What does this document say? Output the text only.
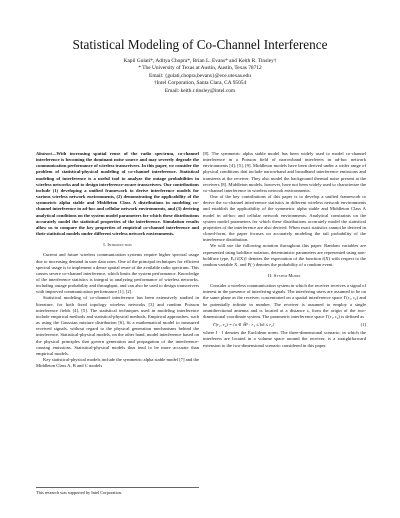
Statistical Modeling of Co-Channel Interference
Kapil Gulati*, Aditya Chopra*, Brian L. Evans* and Keith R. Tinsley†
* The University of Texas at Austin, Austin, Texas 78712
Email: {gulati,chopra,bevans}@ece.utexas.edu
†Intel Corporation, Santa Clara, CA 95054
Email: keith.r.tinsley@intel.com

Abstract—With increasing spatial reuse of the radio spectrum, co-channel interference is becoming the dominant noise source and may severely degrade the communication performance of wireless transceivers. In this paper, we consider the problem of statistical-physical modeling of co-channel interference. Statistical modeling of interference is a useful tool to analyze the outage probabilities in wireless networks and to design interference-aware transceivers. Our contributions include (1) developing a unified framework to derive interference models for various wireless network environments, (2) demonstrating the applicability of the symmetric alpha stable and Middleton Class A distributions in modeling co-channel interference in ad-hoc and cellular network environments, and (3) deriving analytical conditions on the system model parameters for which these distributions accurately model the statistical properties of the interference. Simulation results allow us to compare the key properties of empirical co-channel interference and their statistical models under different wireless network environments.

I. Introduction

Current and future wireless communication systems require higher spectral usage due to increasing demand in user data rates. One of the principal techniques for efficient spectral usage is to implement a dense spatial reuse of the available radio spectrum. This causes severe co-channel interference, which limits the system performance. Knowledge of the interference statistics is integral to analyzing performance of wireless networks, including outage probability and throughput, and can also be used to design transceivers with improved communication performance [1], [2].

Statistical modeling of co-channel interference has been extensively studied in literature, for both fixed topology wireless networks [3] and random Poisson interference fields [4], [5]. The statistical techniques used in modeling interference include empirical methods and statistical-physical methods. Empirical approaches, such as using the Gaussian mixture distribution [6], fit a mathematical model to measured received signals, without regard to the physical generation mechanisms behind the interference. Statistical-physical models, on the other hand, model interference based on the physical principles that govern generation and propagation of the interference-causing emissions. Statistical-physical models thus tend to be more accurate than empirical models.

Key statistical-physical models include the symmetric alpha stable model [7] and the Middleton Class A, B and C models

This research was supported by Intel Corporation.

[8]. The symmetric alpha stable model has been widely used to model co-channel interference in a Poisson field of narrowband interferers in ad-hoc network environments [4], [5], [9]. Middleton models have been derived under a wider range of physical conditions that include narrowband and broadband interference emissions and transients at the receiver. They also model the background thermal noise present at the receivers [8]. Middleton models, however, have not been widely used to characterize the co-channel interference in wireless network environments.

One of the key contributions of this paper is to develop a unified framework to derive the co-channel interference statistics in different wireless network environments and establish the applicability of the symmetric alpha stable and Middleton Class A model in ad-hoc and cellular network environments. Analytical constraints on the system model parameters for which these distributions accurately model the statistical properties of the interference are also derived. When exact statistics cannot be derived in closed-form, the paper focuses on accurately modeling the tail probability of the interference distribution.

We will use the following notation throughout this paper. Random variables are represented using boldface notation, deterministic parameters are represented using non-boldface type, Eₓ{f(X)} denotes the expectation of the function f(X) with respect to the random variable X, and P(·) denotes the probability of a random event.

II. System Model

Consider a wireless communication system in which the receiver receives a signal of interest in the presence of interfering signals. The interfering users are assumed to be on the same plane as the receiver, concentrated on a spatial interference space Γ(r₁, r₂) and be potentially infinite in number. The receiver is assumed to employ a single omnidirectional antenna and is located at a distance rₒ from the origin of the two-dimensional coordinate system. The parametric interference space Γ(r₁, r₂) is defined as

Γ(r₁, r₂) = {x ∈ ℝ² : r₁ ≤ ‖x‖ ≤ r₂}	(1)

where ‖ · ‖ denotes the Euclidean norm. The three-dimensional scenario, in which the interferers are located in a volume space around the receiver, is a straightforward extension to the two-dimensional scenario considered in this paper.
